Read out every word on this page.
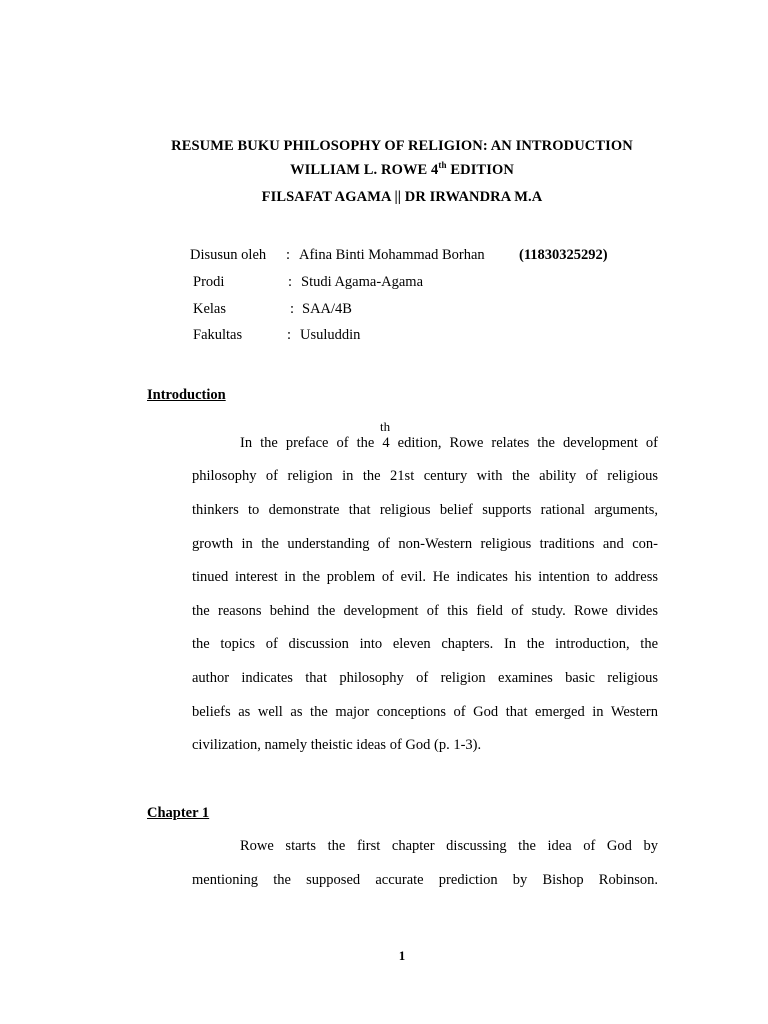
RESUME BUKU PHILOSOPHY OF RELIGION: AN INTRODUCTION
WILLIAM L. ROWE 4th EDITION
FILSAFAT AGAMA || DR IRWANDRA M.A
Disusun oleh : Afina Binti Mohammad Borhan (11830325292)
Prodi	: Studi Agama-Agama
Kelas	: SAA/4B
Fakultas	: Usuluddin
Introduction
th
In the preface of the 4 edition, Rowe relates the development of
philosophy of religion in the 21st century with the ability of religious
thinkers to demonstrate that religious belief supports rational arguments,
growth in the understanding of non-Western religious traditions and con-
tinued interest in the problem of evil. He indicates his intention to address
the reasons behind the development of this field of study. Rowe divides
the topics of discussion into eleven chapters. In the introduction, the
author indicates that philosophy of religion examines basic religious
beliefs as well as the major conceptions of God that emerged in Western
civilization, namely theistic ideas of God (p. 1-3).
Chapter 1
Rowe starts the first chapter discussing the idea of God by
mentioning the supposed accurate prediction by Bishop Robinson.
1
